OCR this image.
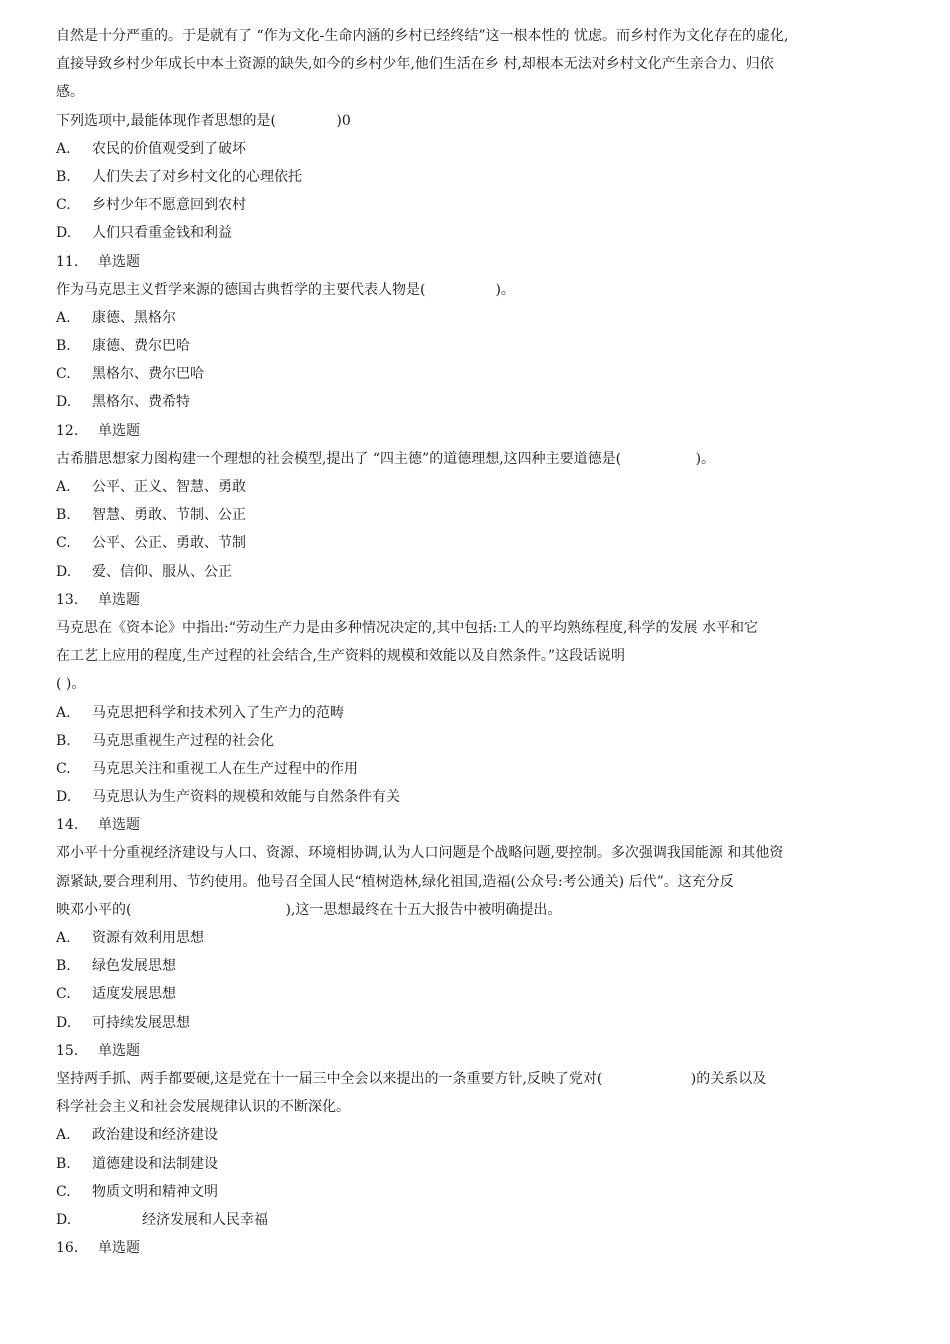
自然是十分严重的。于是就有了 “作为文化-生命内涵的乡村已经终结”这一根本性的 忧虑。而乡村作为文化存在的虚化,
直接导致乡村少年成长中本土资源的缺失,如今的乡村少年,他们生活在乡 村,却根本无法对乡村文化产生亲合力、归依
感。
下列选项中,最能体现作者思想的是(　　　　 )0
A.	农民的价值观受到了破坏
B.	人们失去了对乡村文化的心理依托
C.	乡村少年不愿意回到农村
D.	人们只看重金钱和利益
11.	单选题
作为马克思主义哲学来源的德国古典哲学的主要代表人物是(　　　　　)。
A.	康德、黑格尔
B.	康德、费尔巴哈
C.	黑格尔、费尔巴哈
D.	黑格尔、费希特
12.	单选题
古希腊思想家力图构建一个理想的社会模型,提出了 “四主德”的道德理想,这四种主要道德是(　　　　　 )。
A.	公平、正义、智慧、勇敢
B.	智慧、勇敢、节制、公正
C.	公平、公正、勇敢、节制
D.	爱、信仰、服从、公正
13.	单选题
马克思在《资本论》中指出:“劳动生产力是由多种情况决定的,其中包括:工人的平均熟练程度,科学的发展 水平和它
在工艺上应用的程度,生产过程的社会结合,生产资料的规模和效能以及自然条件。”这段话说明
( )。
A.	马克思把科学和技术列入了生产力的范畴
B.	马克思重视生产过程的社会化
C.	马克思关注和重视工人在生产过程中的作用
D.	马克思认为生产资料的规模和效能与自然条件有关
14.	单选题
邓小平十分重视经济建设与人口、资源、环境相协调,认为人口问题是个战略问题,要控制。多次强调我国能源 和其他资
源紧缺,要合理利用、节约使用。他号召全国人民“植树造林,绿化祖国,造福(公众号:考公通关) 后代”。这充分反
映邓小平的(　　　　　　　　　　　),这一思想最终在十五大报告中被明确提出。
A.	资源有效利用思想
B.	绿色发展思想
C.	适度发展思想
D.	可持续发展思想
15.	单选题
坚持两手抓、两手都要硬,这是党在十一届三中全会以来提出的一条重要方针,反映了党对(　　　　　　 )的关系以及
科学社会主义和社会发展规律认识的不断深化。
A.	政治建设和经济建设
B.	道德建设和法制建设
C.	物质文明和精神文明
D.	经济发展和人民幸福
16.	单选题
